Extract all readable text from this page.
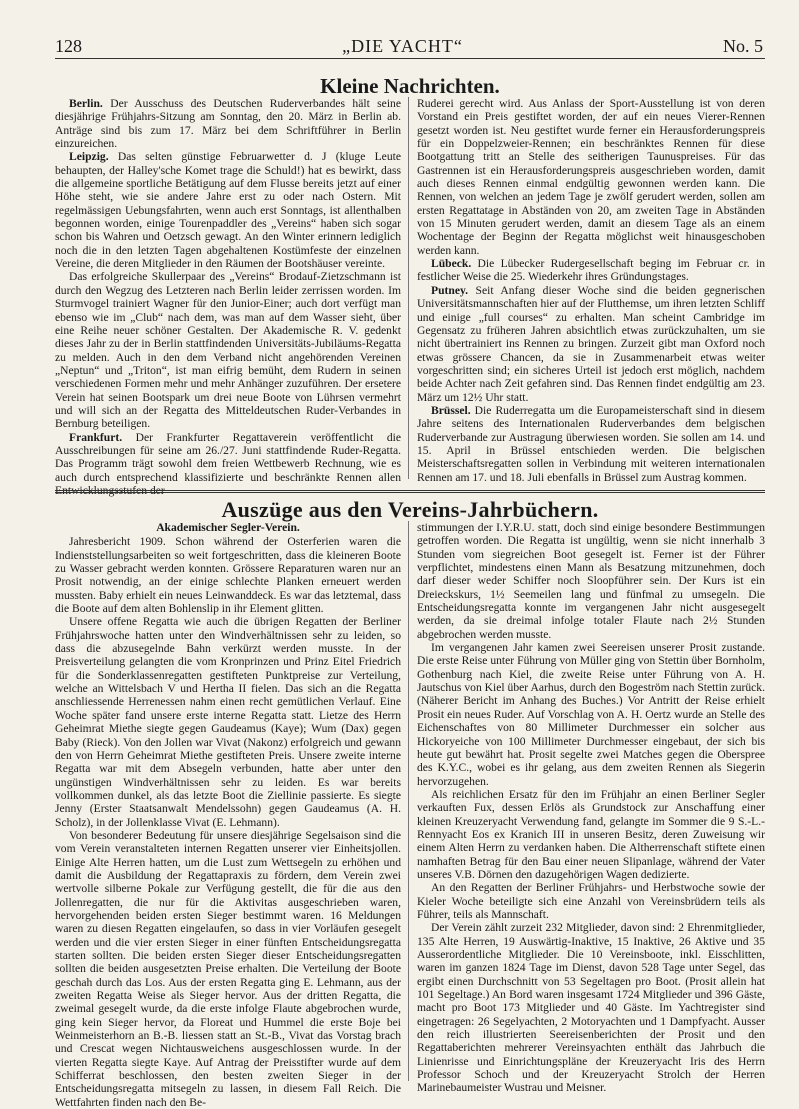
128	„DIE YACHT“	No. 5
Kleine Nachrichten.

Berlin. Der Ausschuss des Deutschen Ruderverbandes hält seine diesjährige Frühjahrs-Sitzung am Sonntag, den 20. März in Berlin ab. Anträge sind bis zum 17. März bei dem Schriftführer in Berlin einzureichen.

Leipzig. Das selten günstige Februarwetter d. J (kluge Leute behaupten, der Halley'sche Komet trage die Schuld!) hat es bewirkt, dass die allgemeine sportliche Betätigung auf dem Flusse bereits jetzt auf einer Höhe steht, wie sie andere Jahre erst zu oder nach Ostern. Mit regelmässigen Uebungsfahrten, wenn auch erst Sonntags, ist allenthalben begonnen worden, einige Tourenpaddler des „Vereins“ haben sich sogar schon bis Wahren und Oetzsch gewagt. An den Winter erinnern lediglich noch die in den letzten Tagen abgehaltenen Kostümfeste der einzelnen Vereine, die deren Mitglieder in den Räumen der Bootshäuser vereinte.

Das erfolgreiche Skullerpaar des „Vereins“ Brodauf-Zietzschmann ist durch den Wegzug des Letzteren nach Berlin leider zerrissen worden. Im Sturmvogel trainiert Wagner für den Junior-Einer; auch dort verfügt man ebenso wie im „Club“ nach dem, was man auf dem Wasser sieht, über eine Reihe neuer schöner Gestalten. Der Akademische R. V. gedenkt dieses Jahr zu der in Berlin stattfindenden Universitäts-Jubiläums-Regatta zu melden. Auch in den dem Verband nicht angehörenden Vereinen „Neptun“ und „Triton“, ist man eifrig bemüht, dem Rudern in seinen verschiedenen Formen mehr und mehr Anhänger zuzuführen. Der ersetere Verein hat seinen Bootspark um drei neue Boote von Lührsen vermehrt und will sich an der Regatta des Mitteldeutschen Ruder-Verbandes in Bernburg beteiligen.

Frankfurt. Der Frankfurter Regattaverein veröffentlicht die Ausschreibungen für seine am 26./27. Juni stattfindende Ruder-Regatta. Das Programm trägt sowohl dem freien Wettbewerb Rechnung, wie es auch durch entsprechend klassifizierte und beschränkte Rennen allen Entwicklungsstufen der

Ruderei gerecht wird. Aus Anlass der Sport-Ausstellung ist von deren Vorstand ein Preis gestiftet worden, der auf ein neues Vierer-Rennen gesetzt worden ist. Neu gestiftet wurde ferner ein Herausforderungspreis für ein Doppelzweier-Rennen; ein beschränktes Rennen für diese Bootgattung tritt an Stelle des seitherigen Taunuspreises. Für das Gastrennen ist ein Herausforderungspreis ausgeschrieben worden, damit auch dieses Rennen einmal endgültig gewonnen werden kann. Die Rennen, von welchen an jedem Tage je zwölf gerudert werden, sollen am ersten Regattatage in Abständen von 20, am zweiten Tage in Abständen von 15 Minuten gerudert werden, damit an diesem Tage als an einem Wochentage der Beginn der Regatta möglichst weit hinausgeschoben werden kann.

Lübeck. Die Lübecker Rudergesellschaft beging im Februar cr. in festlicher Weise die 25. Wiederkehr ihres Gründungstages.

Putney. Seit Anfang dieser Woche sind die beiden gegnerischen Universitätsmannschaften hier auf der Flutthemse, um ihren letzten Schliff und einige „full courses“ zu erhalten. Man scheint Cambridge im Gegensatz zu früheren Jahren absichtlich etwas zurückzuhalten, um sie nicht übertrainiert ins Rennen zu bringen. Zurzeit gibt man Oxford noch etwas grössere Chancen, da sie in Zusammenarbeit etwas weiter vorgeschritten sind; ein sicheres Urteil ist jedoch erst möglich, nachdem beide Achter nach Zeit gefahren sind. Das Rennen findet endgültig am 23. März um 12½ Uhr statt.

Brüssel. Die Ruderregatta um die Europameisterschaft sind in diesem Jahre seitens des Internationalen Ruderverbandes dem belgischen Ruderverbande zur Austragung überwiesen worden. Sie sollen am 14. und 15. April in Brüssel entschieden werden. Die belgischen Meisterschaftsregatten sollen in Verbindung mit weiteren internationalen Rennen am 17. und 18. Juli ebenfalls in Brüssel zum Austrag kommen.

Auszüge aus den Vereins-Jahrbüchern.
Akademischer Segler-Verein.

Jahresbericht 1909. Schon während der Osterferien waren die Indienststellungsarbeiten so weit fortgeschritten, dass die kleineren Boote zu Wasser gebracht werden konnten. Grössere Reparaturen waren nur an Prosit notwendig, an der einige schlechte Planken erneuert werden mussten. Baby erhielt ein neues Leinwanddeck. Es war das letztemal, dass die Boote auf dem alten Bohlenslip in ihr Element glitten.

Unsere offene Regatta wie auch die übrigen Regatten der Berliner Frühjahrswoche hatten unter den Windverhältnissen sehr zu leiden, so dass die abzusegelnde Bahn verkürzt werden musste. In der Preisverteilung gelangten die vom Kronprinzen und Prinz Eitel Friedrich für die Sonderklassenregatten gestifteten Punktpreise zur Verteilung, welche an Wittelsbach V und Hertha II fielen. Das sich an die Regatta anschliessende Herrenessen nahm einen recht gemütlichen Verlauf. Eine Woche später fand unsere erste interne Regatta statt. Lietze des Herrn Geheimrat Miethe siegte gegen Gaudeamus (Kaye); Wum (Dax) gegen Baby (Rieck). Von den Jollen war Vivat (Nakonz) erfolgreich und gewann den von Herrn Geheimrat Miethe gestifteten Preis. Unsere zweite interne Regatta war mit dem Absegeln verbunden, hatte aber unter den ungünstigen Windverhältnissen sehr zu leiden. Es war bereits vollkommen dunkel, als das letzte Boot die Ziellinie passierte. Es siegte Jenny (Erster Staatsanwalt Mendelssohn) gegen Gaudeamus (A. H. Scholz), in der Jollenklasse Vivat (E. Lehmann).

Von besonderer Bedeutung für unsere diesjährige Segelsaison sind die vom Verein veranstalteten internen Regatten unserer vier Einheitsjollen. Einige Alte Herren hatten, um die Lust zum Wettsegeln zu erhöhen und damit die Ausbildung der Regattapraxis zu fördern, dem Verein zwei wertvolle silberne Pokale zur Verfügung gestellt, die für die aus den Jollenregatten, die nur für die Aktivitas ausgeschrieben waren, hervorgehenden beiden ersten Sieger bestimmt waren. 16 Meldungen waren zu diesen Regatten eingelaufen, so dass in vier Vorläufen gesegelt werden und die vier ersten Sieger in einer fünften Entscheidungsregatta starten sollten. Die beiden ersten Sieger dieser Entscheidungsregatten sollten die beiden ausgesetzten Preise erhalten. Die Verteilung der Boote geschah durch das Los. Aus der ersten Regatta ging E. Lehmann, aus der zweiten Regatta Weise als Sieger hervor. Aus der dritten Regatta, die zweimal gesegelt wurde, da die erste infolge Flaute abgebrochen wurde, ging kein Sieger hervor, da Floreat und Hummel die erste Boje bei Weinmeisterhorn an B.-B. liessen statt an St.-B., Vivat das Vorstag brach und Crescat wegen Nichtausweichens ausgeschlossen wurde. In der vierten Regatta siegte Kaye. Auf Antrag der Preisstifter wurde auf dem Schifferrat beschlossen, den besten zweiten Sieger in der Entscheidungsregatta mitsegeln zu lassen, in diesem Fall Reich. Die Wettfahrten finden nach den Be-

stimmungen der I.Y.R.U. statt, doch sind einige besondere Bestimmungen getroffen worden. Die Regatta ist ungültig, wenn sie nicht innerhalb 3 Stunden vom siegreichen Boot gesegelt ist. Ferner ist der Führer verpflichtet, mindestens einen Mann als Besatzung mitzunehmen, doch darf dieser weder Schiffer noch Sloopführer sein. Der Kurs ist ein Dreieckskurs, 1½ Seemeilen lang und fünfmal zu umsegeln. Die Entscheidungsregatta konnte im vergangenen Jahr nicht ausgesegelt werden, da sie dreimal infolge totaler Flaute nach 2½ Stunden abgebrochen werden musste.

Im vergangenen Jahr kamen zwei Seereisen unserer Prosit zustande. Die erste Reise unter Führung von Müller ging von Stettin über Bornholm, Gothenburg nach Kiel, die zweite Reise unter Führung von A. H. Jautschus von Kiel über Aarhus, durch den Bogeström nach Stettin zurück. (Näherer Bericht im Anhang des Buches.) Vor Antritt der Reise erhielt Prosit ein neues Ruder. Auf Vorschlag von A. H. Oertz wurde an Stelle des Eichenschaftes von 80 Millimeter Durchmesser ein solcher aus Hickoryeiche von 100 Millimeter Durchmesser eingebaut, der sich bis heute gut bewährt hat. Prosit segelte zwei Matches gegen die Oberspree des K.Y.C., wobei es ihr gelang, aus dem zweiten Rennen als Siegerin hervorzugehen.

Als reichlichen Ersatz für den im Frühjahr an einen Berliner Segler verkauften Fux, dessen Erlös als Grundstock zur Anschaffung einer kleinen Kreuzeryacht Verwendung fand, gelangte im Sommer die 9 S.-L.-Rennyacht Eos ex Kranich III in unseren Besitz, deren Zuweisung wir einem Alten Herrn zu verdanken haben. Die Altherrenschaft stiftete einen namhaften Betrag für den Bau einer neuen Slipanlage, während der Vater unseres V.B. Dörnen den dazugehörigen Wagen dedizierte.

An den Regatten der Berliner Frühjahrs- und Herbstwoche sowie der Kieler Woche beteiligte sich eine Anzahl von Vereinsbrüdern teils als Führer, teils als Mannschaft.

Der Verein zählt zurzeit 232 Mitglieder, davon sind: 2 Ehrenmitglieder, 135 Alte Herren, 19 Auswärtig-Inaktive, 15 Inaktive, 26 Aktive und 35 Ausserordentliche Mitglieder. Die 10 Vereinsboote, inkl. Eisschlitten, waren im ganzen 1824 Tage im Dienst, davon 528 Tage unter Segel, das ergibt einen Durchschnitt von 53 Segeltagen pro Boot. (Prosit allein hat 101 Segeltage.) An Bord waren insgesamt 1724 Mitglieder und 396 Gäste, macht pro Boot 173 Mitglieder und 40 Gäste. Im Yachtregister sind eingetragen: 26 Segelyachten, 2 Motoryachten und 1 Dampfyacht. Ausser den reich illustrierten Seereisenberichten der Prosit und den Regattaberichten mehrerer Vereinsyachten enthält das Jahrbuch die Linienrisse und Einrichtungspläne der Kreuzeryacht Iris des Herrn Professor Schoch und der Kreuzeryacht Strolch der Herren Marinebaumeister Wustrau und Meisner.
